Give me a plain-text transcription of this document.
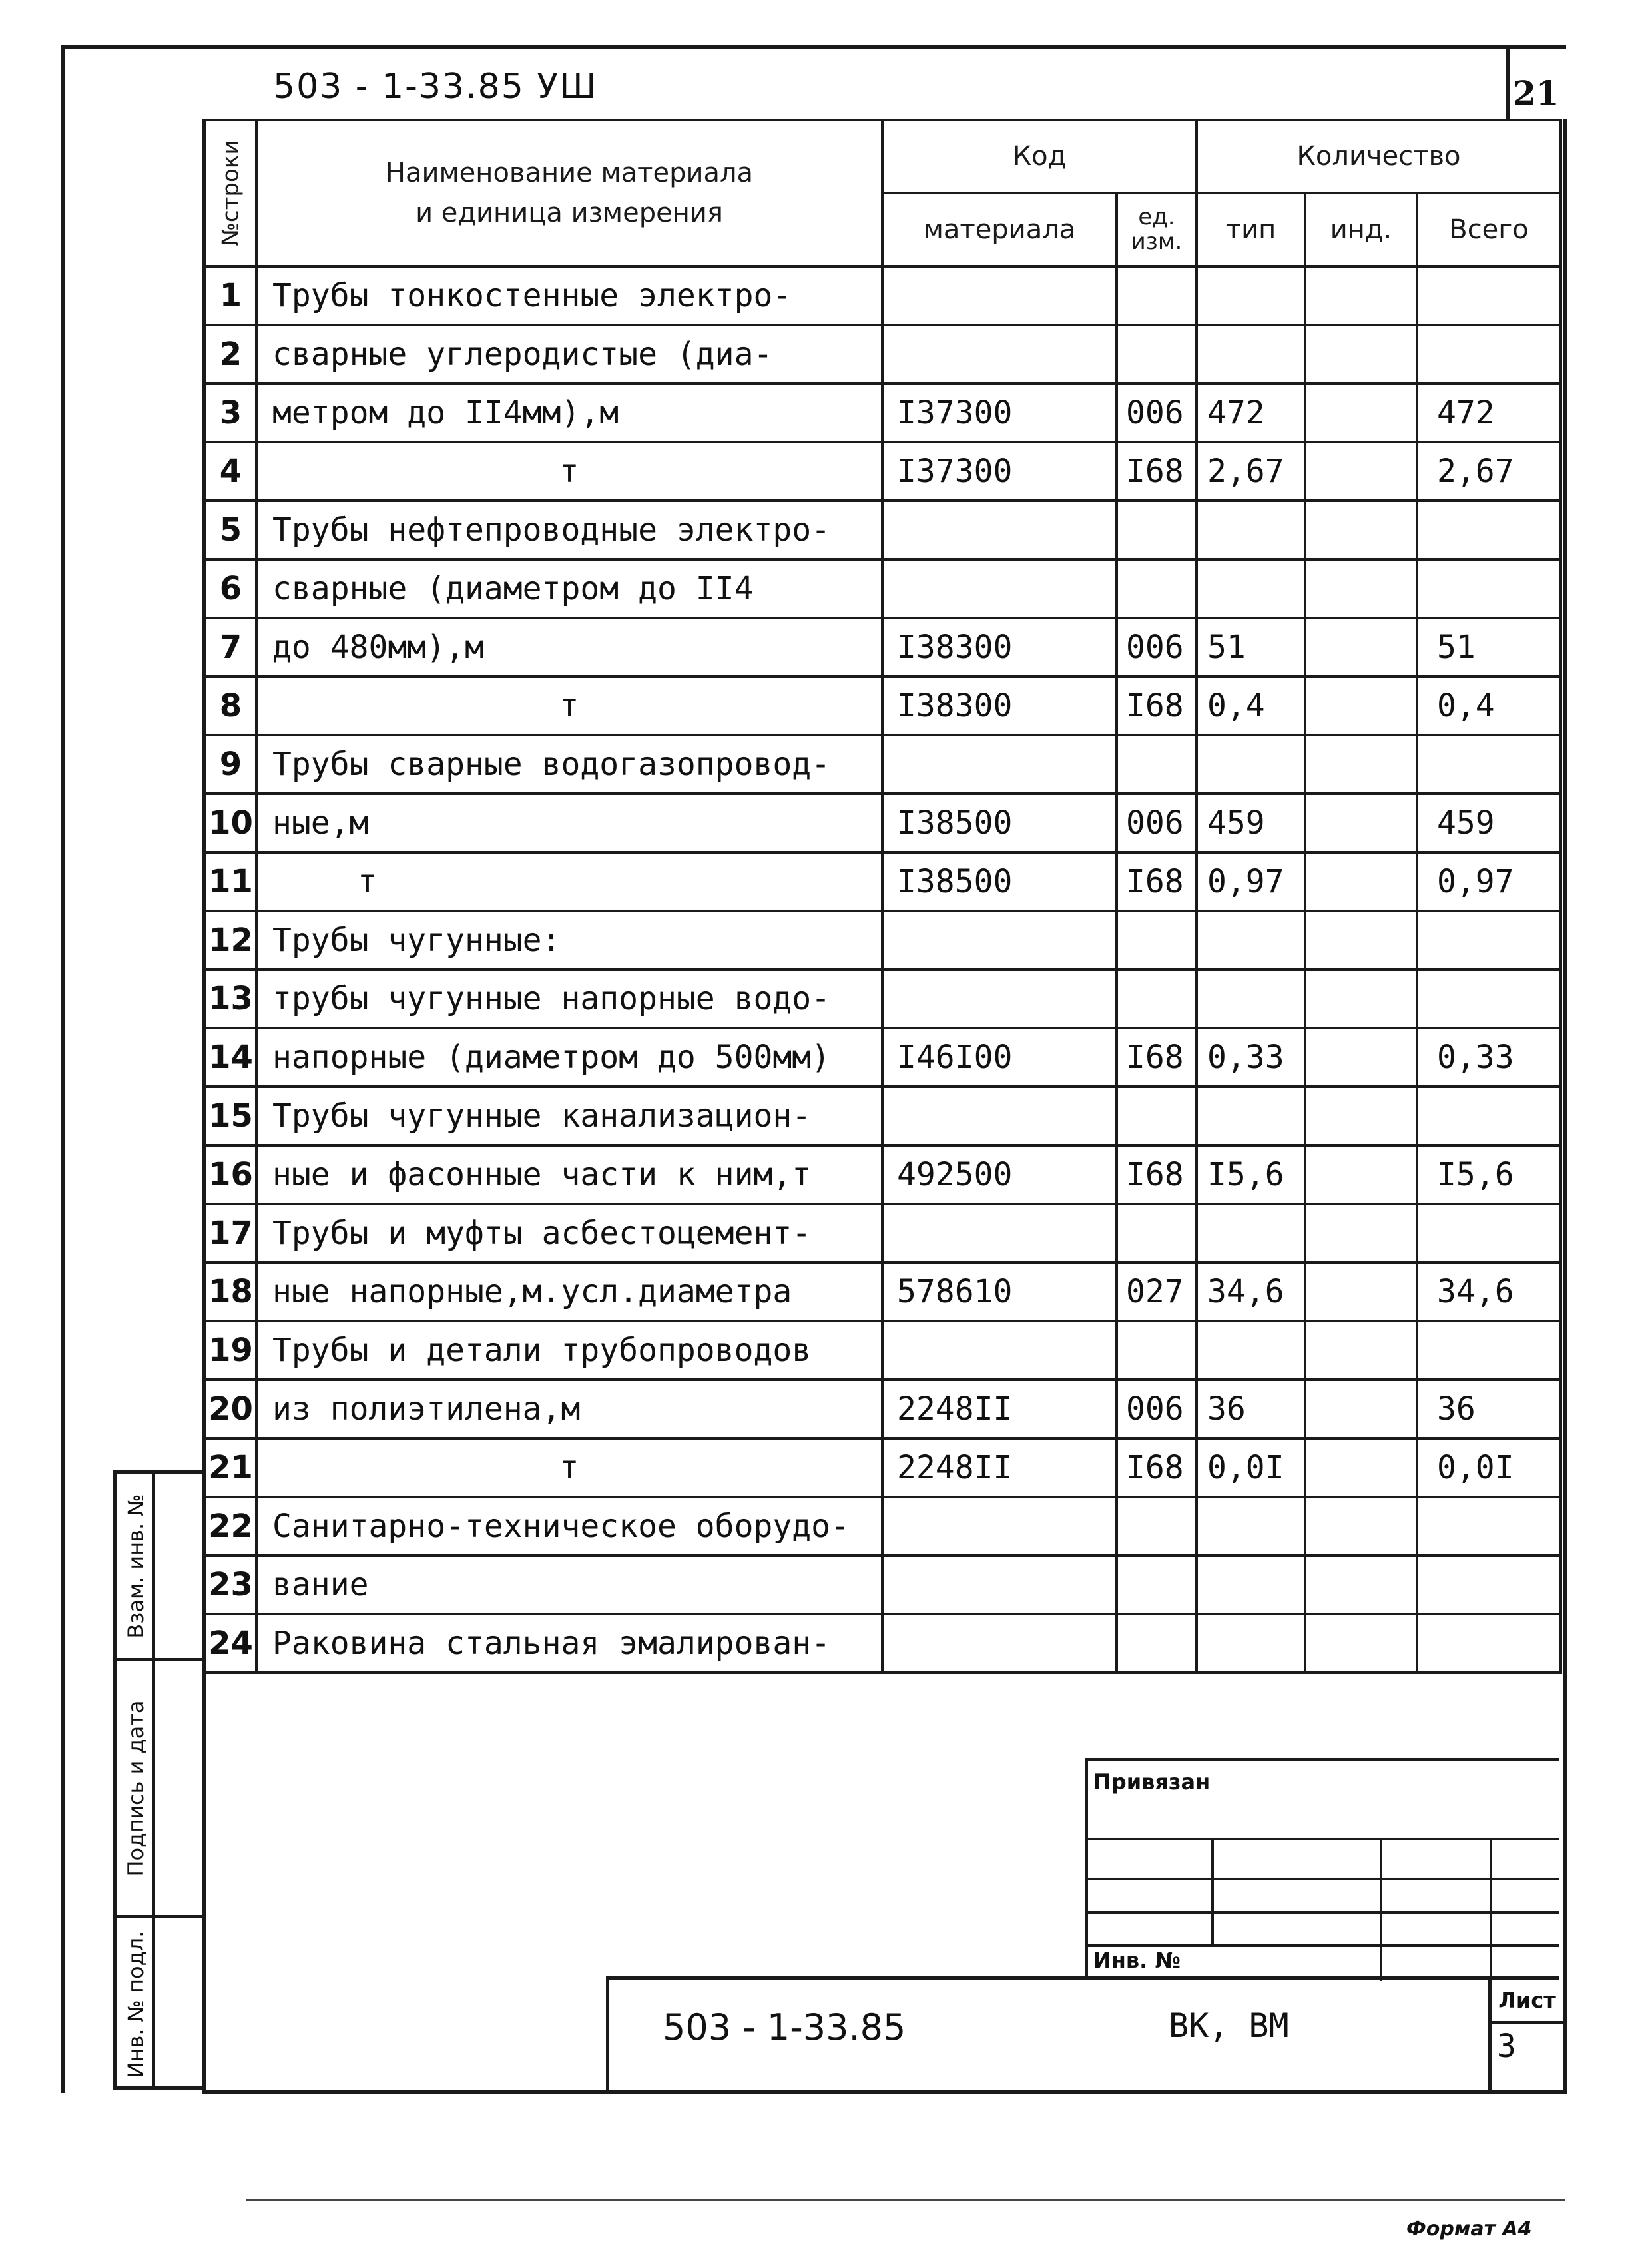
503 - 1-33.85 УШ	21
№строки	Наименование материала
и единица измерения	Код		Количество		
		материала	ед. изм.	тип	инд.	Всего
1	Трубы тонкостенные электро-					
2	сварные углеродистые (диа-					
3	метром до II4мм),м	I37300	006	472		472
4	т	I37300	I68	2,67		2,67
5	Трубы нефтепроводные электро-					
6	сварные (диаметром до II4					
7	до 480мм),м	I38300	006	51		51
8	т	I38300	I68	0,4		0,4
9	Трубы сварные водогазопровод-					
10	ные,м	I38500	006	459		459
11	т	I38500	I68	0,97		0,97
12	Трубы чугунные:					
13	трубы чугунные напорные водо-					
14	напорные (диаметром до 500мм)	I46I00	I68	0,33		0,33
15	Трубы чугунные канализацион-					
16	ные и фасонные части к ним,т	492500	I68	I5,6		I5,6
17	Трубы и муфты асбестоцемент-					
18	ные напорные,м.усл.диаметра	578610	027	34,6		34,6
19	Трубы и детали трубопроводов					
20	из полиэтилена,м	2248II	006	36		36
21	т	2248II	I68	0,0I		0,0I
22	Санитарно-техническое оборудо-					
23	вание					
24	Раковина стальная эмалирован-					
Взам. инв. №
Подпись и дата
Инв. № подл.
Привязан
Инв. №
503 - 1-33.85	ВК, ВМ
Лист
3
Формат А4
